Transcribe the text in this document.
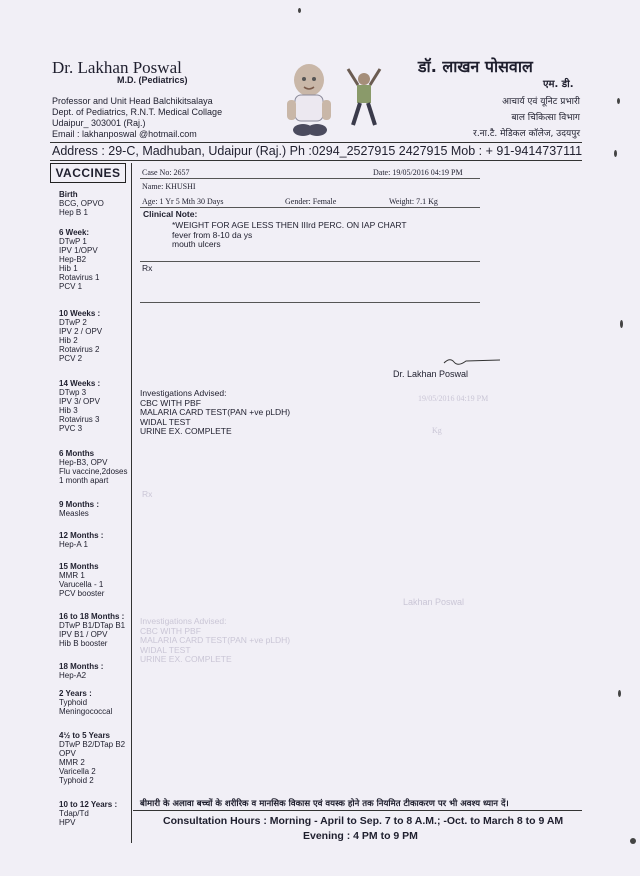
Dr. Lakhan Poswal
M.D. (Pediatrics)
Professor and Unit Head Balchikitsalaya
Dept. of Pediatrics, R.N.T. Medical Collage
Udaipur_ 303001 (Raj.)
Email : lakhanposwal @hotmail.com
डॉ. लाखन पोसवाल
एम. डी.
आचार्य एवं यूनिट प्रभारी
बाल चिकित्सा विभाग
र.ना.टै. मेडिकल कॉलेज, उदयपुर
Address : 29-C, Madhuban, Udaipur (Raj.) Ph :0294_2527915 2427915 Mob : + 91-9414737111
VACCINES
Birth
BCG, OPVO
Hep B 1
6 Week:
DTwP 1
IPV 1/OPV
Hep-B2
Hib 1
Rotavirus 1
PCV 1
10 Weeks :
DTwP 2
IPV 2 / OPV
Hib 2
Rotavirus 2
PCV 2
14 Weeks :
DTwp 3
IPV 3/ OPV
Hib 3
Rotavirus 3
PVC 3
6 Months
Hep-B3, OPV
Flu vaccine,2doses
1 month apart
9 Months :
Measles
12 Months :
Hep-A 1
15 Months
MMR 1
Varucella - 1
PCV booster
16 to 18 Months :
DTwP B1/DTap B1
IPV B1 / OPV
Hib B booster
18 Months :
Hep-A2
2 Years :
Typhoid
Meningococcal
4½ to 5 Years
DTwP B2/DTap B2
OPV
MMR 2
Varicella 2
Typhoid 2
10 to 12 Years :
Tdap/Td
HPV
Case No: 2657	Date: 19/05/2016 04:19 PM
Name: KHUSHI
Age: 1 Yr 5 Mth 30 Days	Gender: Female	Weight: 7.1 Kg
Clinical Note:
*WEIGHT FOR AGE LESS THEN IIIrd PERC. ON IAP CHART
fever from 8-10 da ys
mouth ulcers
Rx
Dr. Lakhan Poswal
Investigations Advised:
CBC WITH PBF
MALARIA CARD TEST(PAN +ve pLDH)
WIDAL TEST
URINE EX. COMPLETE
19/05/2016 04:19 PM
Kg
Rx
Lakhan Poswal
Investigations Advised:
CBC WITH PBF
MALARIA CARD TEST(PAN +ve pLDH)
WIDAL TEST
URINE EX. COMPLETE
बीमारी के अलावा बच्चों के शरीरिक व मानसिक विकास एवं वयस्क होने तक नियमित टीकाकरण पर भी अवश्य ध्यान दें।
Consultation Hours : Morning - April to Sep. 7 to 8 A.M.; -Oct. to March 8 to 9 AM
Evening : 4 PM to 9 PM
